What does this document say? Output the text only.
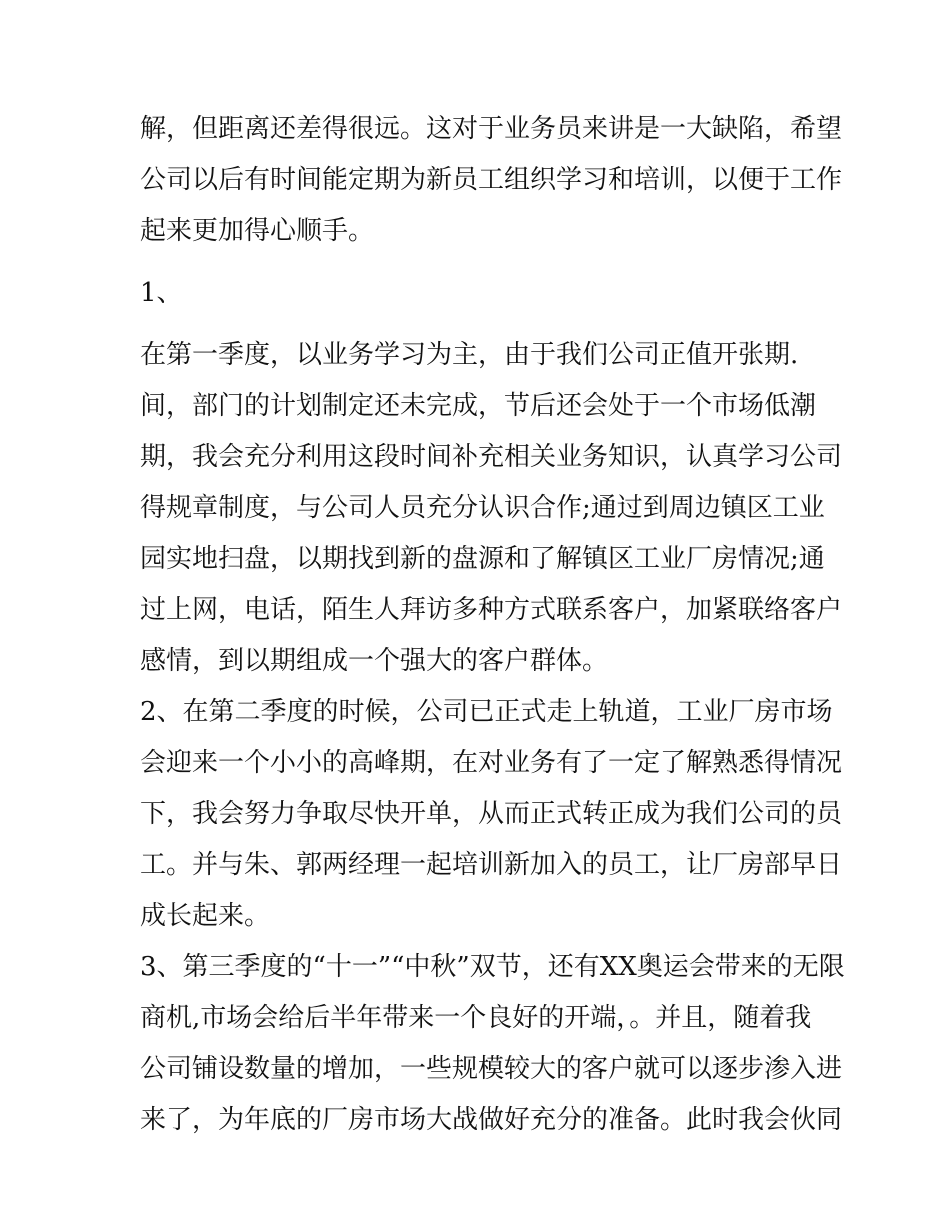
解，但距离还差得很远。这对于业务员来讲是一大缺陷，希望
公司以后有时间能定期为新员工组织学习和培训，以便于工作
起来更加得心顺手。
1、
在第一季度，以业务学习为主，由于我们公司正值开张期.
间，部门的计划制定还未完成，节后还会处于一个市场低潮
期，我会充分利用这段时间补充相关业务知识，认真学习公司
得规章制度，与公司人员充分认识合作;通过到周边镇区工业
园实地扫盘，以期找到新的盘源和了解镇区工业厂房情况;通
过上网，电话，陌生人拜访多种方式联系客户，加紧联络客户
感情，到以期组成一个强大的客户群体。
2、在第二季度的时候，公司已正式走上轨道，工业厂房市场
会迎来一个小小的高峰期，在对业务有了一定了解熟悉得情况
下，我会努力争取尽快开单，从而正式转正成为我们公司的员
工。并与朱、郭两经理一起培训新加入的员工，让厂房部早日
成长起来。
3、第三季度的“十一”“中秋”双节，还有XX奥运会带来的无限
商机,市场会给后半年带来一个良好的开端，。并且，随着我
公司铺设数量的增加，一些规模较大的客户就可以逐步渗入进
来了，为年底的厂房市场大战做好充分的准备。此时我会伙同
